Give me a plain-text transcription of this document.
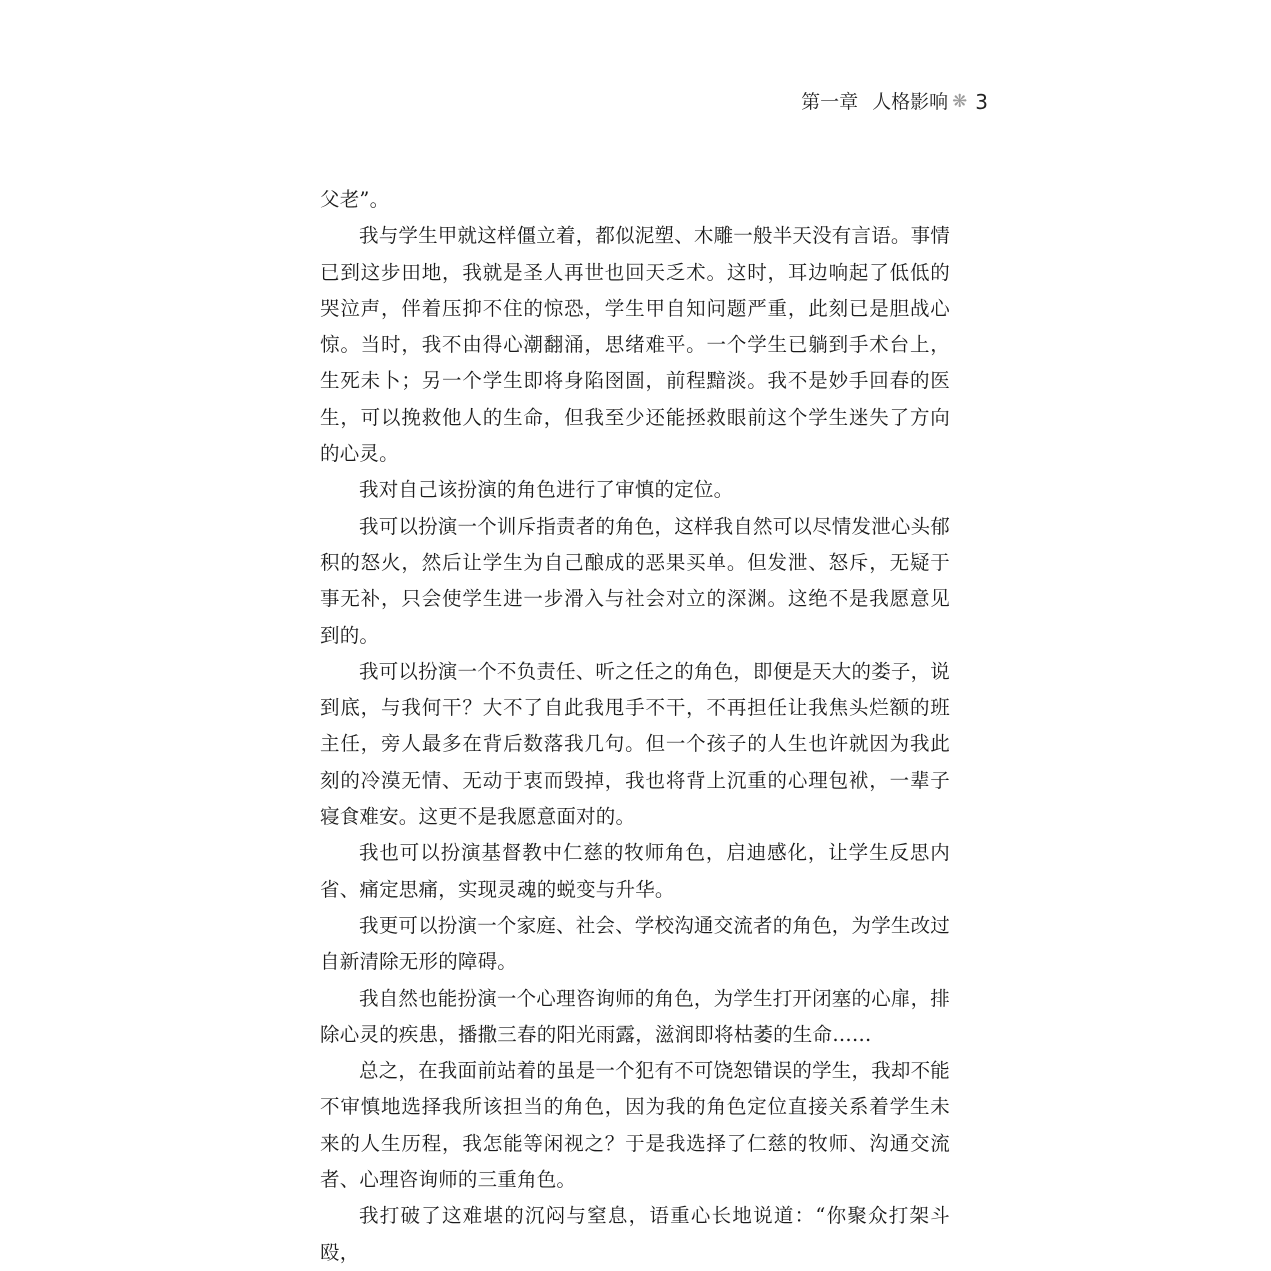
第一章 人格影响 ❋ 3

父老”。

我与学生甲就这样僵立着，都似泥塑、木雕一般半天没有言语。事情已到这步田地，我就是圣人再世也回天乏术。这时，耳边响起了低低的哭泣声，伴着压抑不住的惊恐，学生甲自知问题严重，此刻已是胆战心惊。当时，我不由得心潮翻涌，思绪难平。一个学生已躺到手术台上，生死未卜；另一个学生即将身陷囹圄，前程黯淡。我不是妙手回春的医生，可以挽救他人的生命，但我至少还能拯救眼前这个学生迷失了方向的心灵。

我对自己该扮演的角色进行了审慎的定位。

我可以扮演一个训斥指责者的角色，这样我自然可以尽情发泄心头郁积的怒火，然后让学生为自己酿成的恶果买单。但发泄、怒斥，无疑于事无补，只会使学生进一步滑入与社会对立的深渊。这绝不是我愿意见到的。

我可以扮演一个不负责任、听之任之的角色，即便是天大的娄子，说到底，与我何干？大不了自此我甩手不干，不再担任让我焦头烂额的班主任，旁人最多在背后数落我几句。但一个孩子的人生也许就因为我此刻的冷漠无情、无动于衷而毁掉，我也将背上沉重的心理包袱，一辈子寝食难安。这更不是我愿意面对的。

我也可以扮演基督教中仁慈的牧师角色，启迪感化，让学生反思内省、痛定思痛，实现灵魂的蜕变与升华。

我更可以扮演一个家庭、社会、学校沟通交流者的角色，为学生改过自新清除无形的障碍。

我自然也能扮演一个心理咨询师的角色，为学生打开闭塞的心扉，排除心灵的疾患，播撒三春的阳光雨露，滋润即将枯萎的生命……

总之，在我面前站着的虽是一个犯有不可饶恕错误的学生，我却不能不审慎地选择我所该担当的角色，因为我的角色定位直接关系着学生未来的人生历程，我怎能等闲视之？于是我选择了仁慈的牧师、沟通交流者、心理咨询师的三重角色。

我打破了这难堪的沉闷与窒息，语重心长地说道：“你聚众打架斗殴，
